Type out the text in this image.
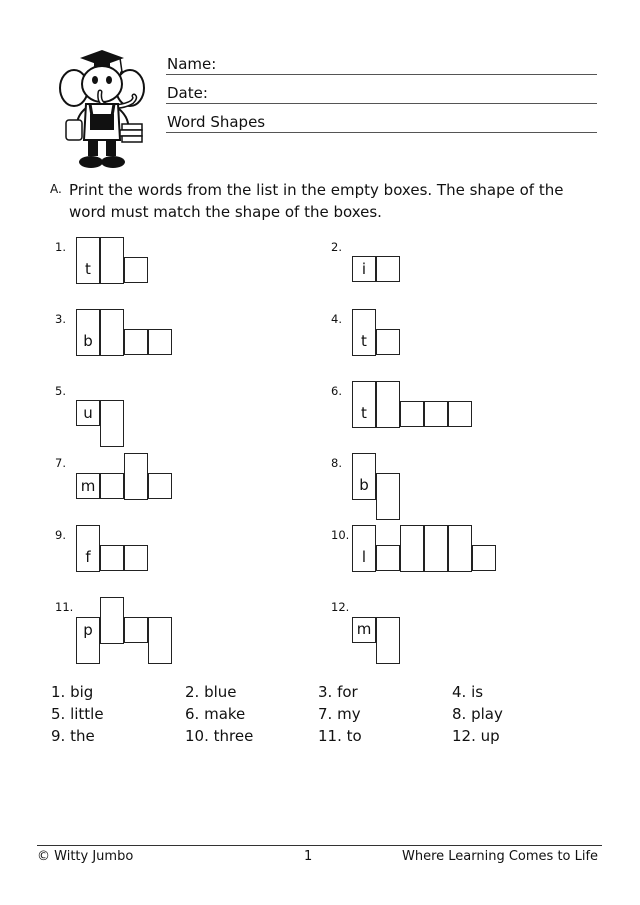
Name:
Date:
Word Shapes
A. Print the words from the list in the empty boxes. The shape of the word must match the shape of the boxes.
1.
t
2.
i
3.
b
4.
t
5.
u
6.
t
7.
m
8.
b
9.
f
10.
l
11.
p
12.
m
1. big	2. blue	3. for	4. is
5. little	6. make	7. my	8. play
9. the	10. three	11. to	12. up
© Witty Jumbo	1	Where Learning Comes to Life
